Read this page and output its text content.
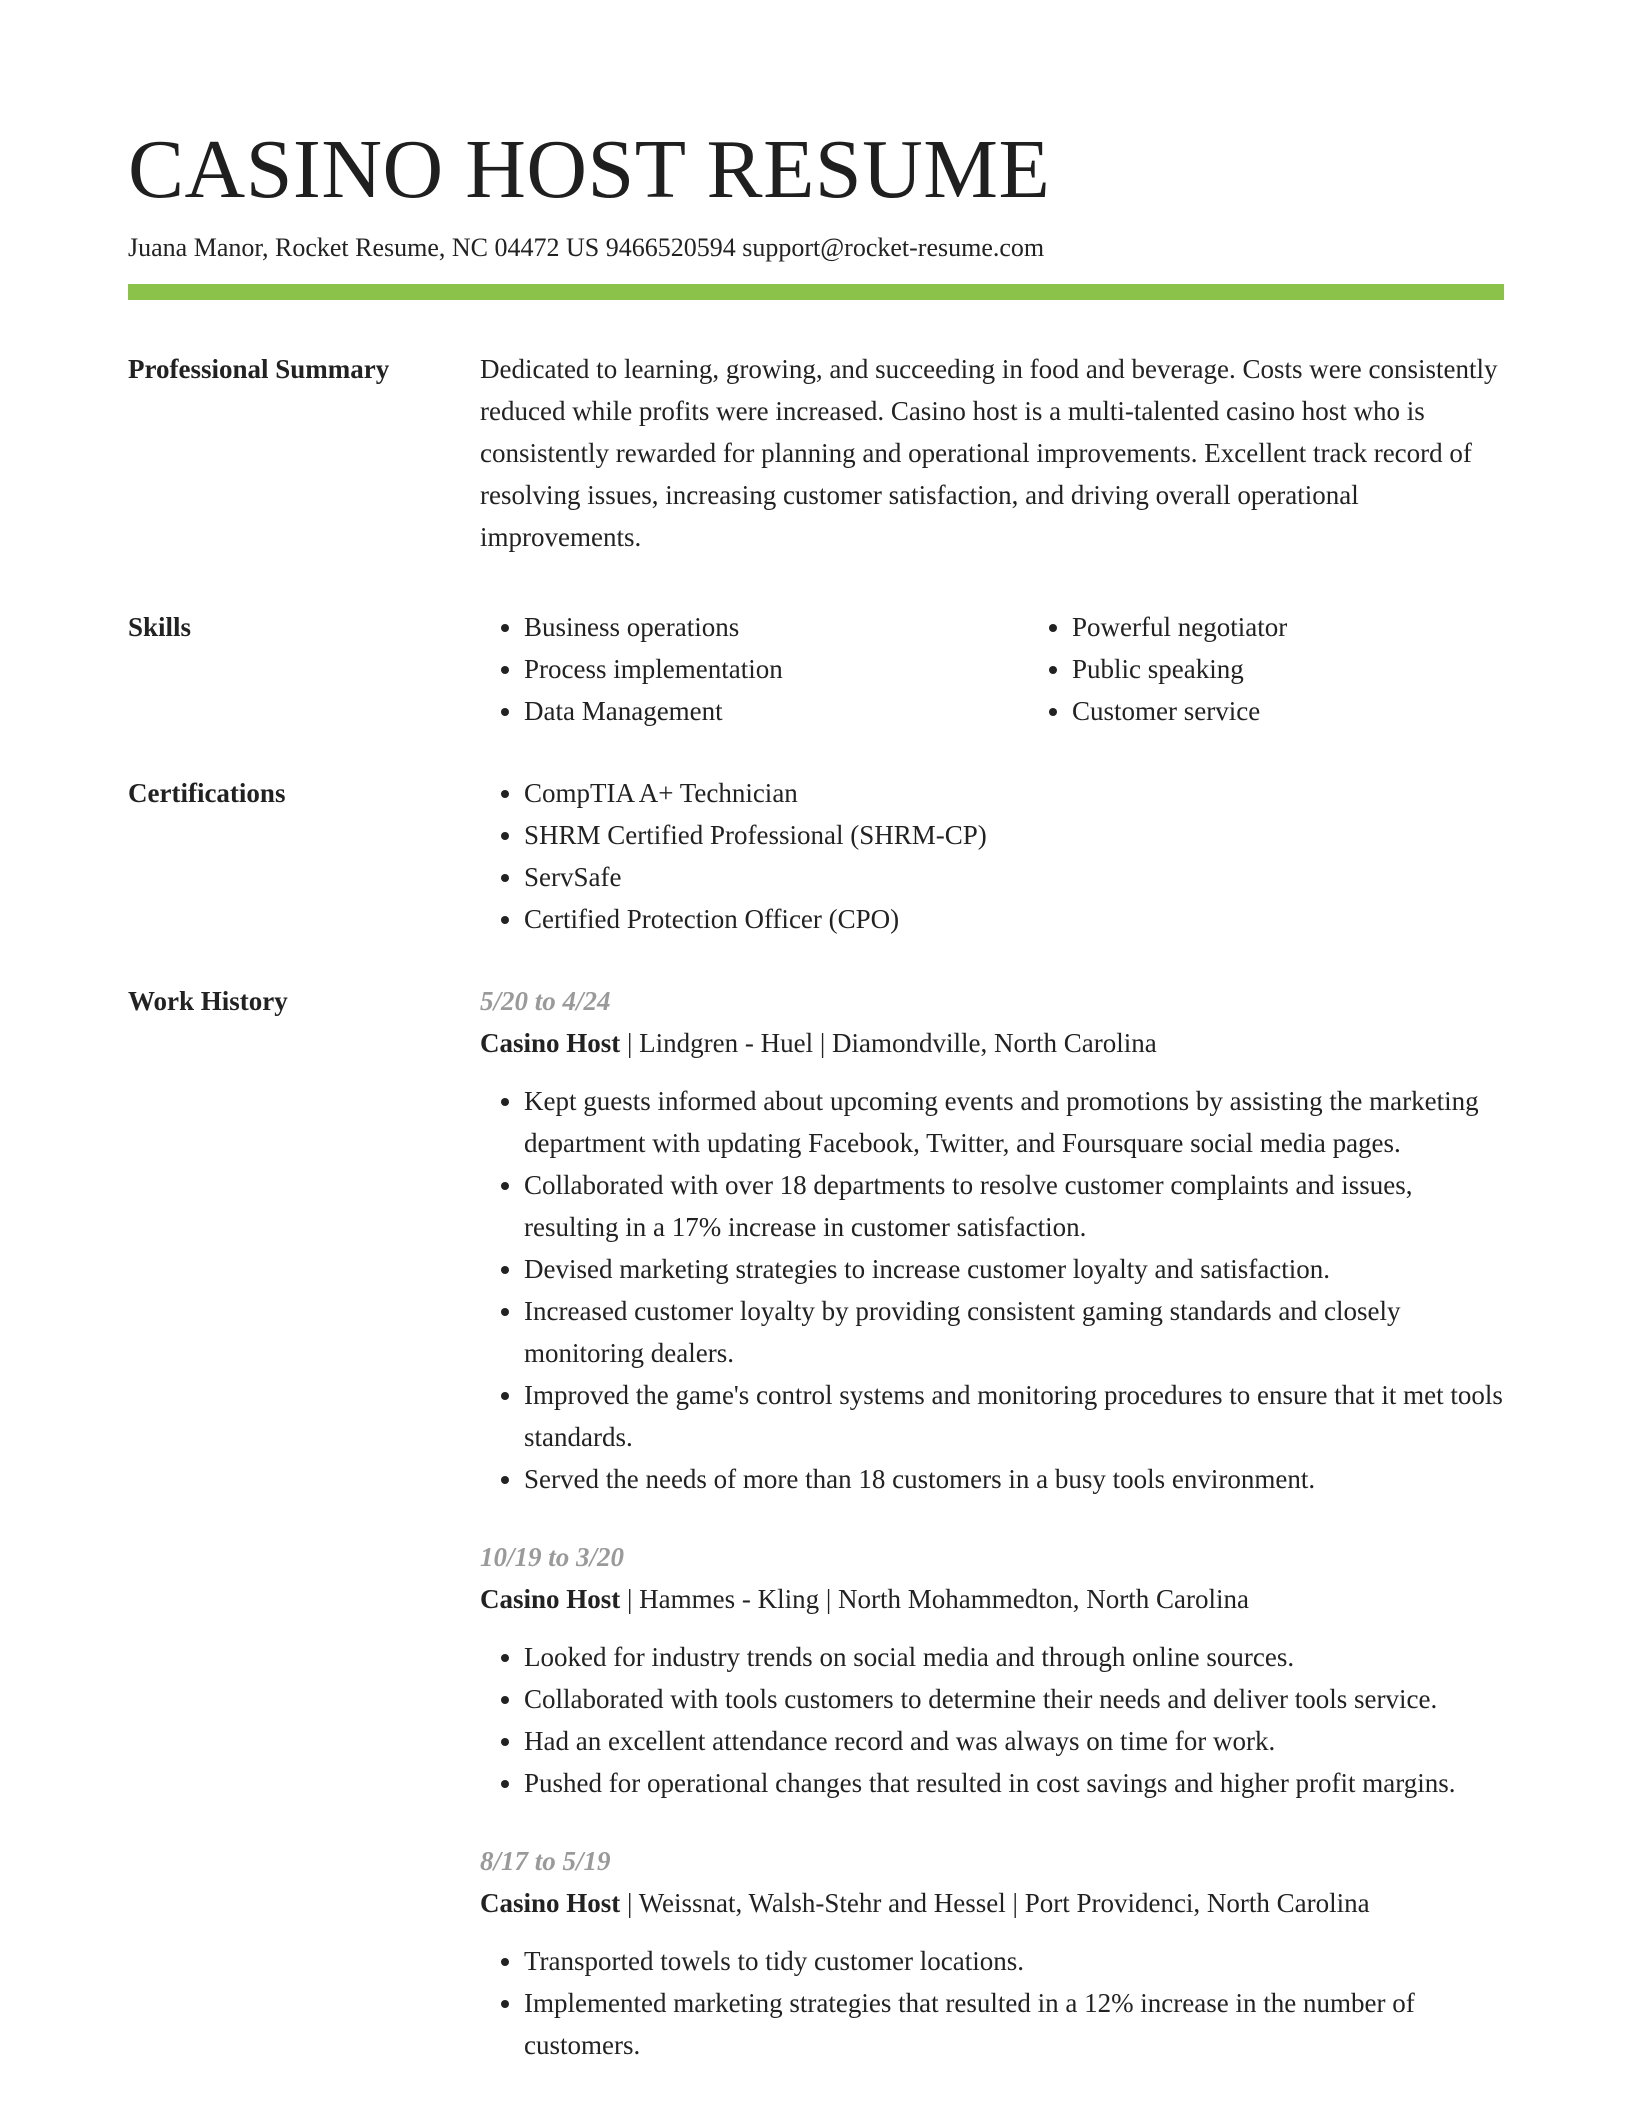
CASINO HOST RESUME
Juana Manor, Rocket Resume, NC 04472 US 9466520594 support@rocket-resume.com
Professional Summary	Dedicated to learning, growing, and succeeding in food and beverage. Costs were consistently reduced while profits were increased. Casino host is a multi-talented casino host who is consistently rewarded for planning and operational improvements. Excellent track record of resolving issues, increasing customer satisfaction, and driving overall operational improvements.

Skills	• Business operations
• Process implementation
• Data Management
• Powerful negotiator
• Public speaking
• Customer service
Certifications	• CompTIA A+ Technician
• SHRM Certified Professional (SHRM-CP)
• ServSafe
• Certified Protection Officer (CPO)
Work History	5/20 to 4/24
Casino Host | Lindgren - Huel | Diamondville, North Carolina
• Kept guests informed about upcoming events and promotions by assisting the marketing department with updating Facebook, Twitter, and Foursquare social media pages.
• Collaborated with over 18 departments to resolve customer complaints and issues, resulting in a 17% increase in customer satisfaction.
• Devised marketing strategies to increase customer loyalty and satisfaction.
• Increased customer loyalty by providing consistent gaming standards and closely monitoring dealers.
• Improved the game's control systems and monitoring procedures to ensure that it met tools standards.
• Served the needs of more than 18 customers in a busy tools environment.
10/19 to 3/20
Casino Host | Hammes - Kling | North Mohammedton, North Carolina
• Looked for industry trends on social media and through online sources.
• Collaborated with tools customers to determine their needs and deliver tools service.
• Had an excellent attendance record and was always on time for work.
• Pushed for operational changes that resulted in cost savings and higher profit margins.
8/17 to 5/19
Casino Host | Weissnat, Walsh-Stehr and Hessel | Port Providenci, North Carolina
• Transported towels to tidy customer locations.
• Implemented marketing strategies that resulted in a 12% increase in the number of customers.
